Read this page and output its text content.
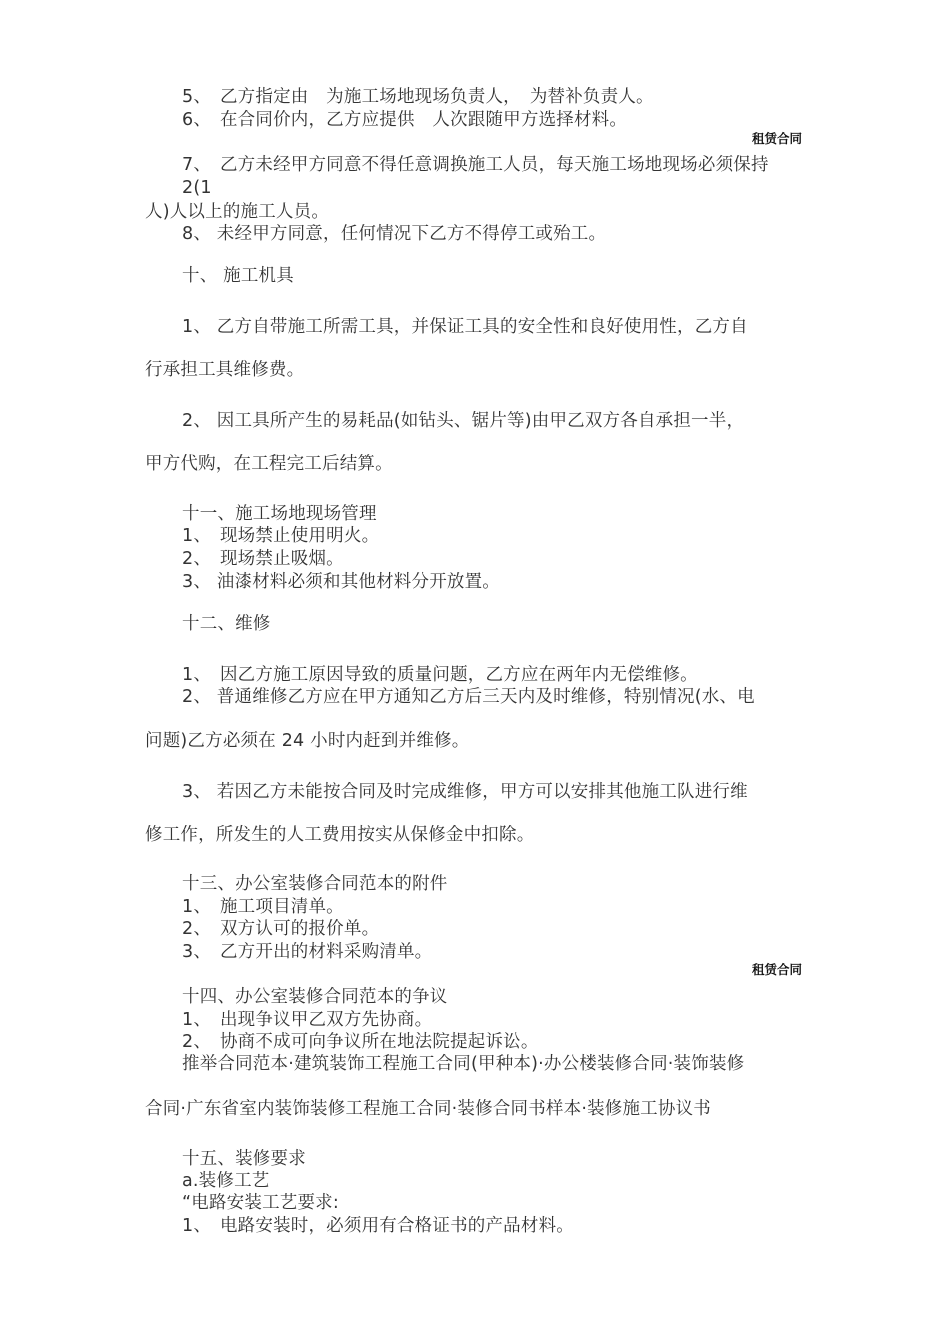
5、　乙方指定由　为施工场地现场负责人，　为替补负责人。
6、　在合同价内，乙方应提供　人次跟随甲方选择材料。
租赁合同
7、　乙方未经甲方同意不得任意调换施工人员，每天施工场地现场必须保持
2(1
人)人以上的施工人员。
8、 未经甲方同意，任何情况下乙方不得停工或殆工。
十、 施工机具
1、 乙方自带施工所需工具，并保证工具的安全性和良好使用性，乙方自
行承担工具维修费。
2、 因工具所产生的易耗品(如钻头、锯片等)由甲乙双方各自承担一半，
甲方代购，在工程完工后结算。
十一、施工场地现场管理
1、　现场禁止使用明火。
2、　现场禁止吸烟。
3、 油漆材料必须和其他材料分开放置。
十二、维修
1、　因乙方施工原因导致的质量问题，乙方应在两年内无偿维修。
2、 普通维修乙方应在甲方通知乙方后三天内及时维修，特别情况(水、电
问题)乙方必须在 24 小时内赶到并维修。
3、 若因乙方未能按合同及时完成维修，甲方可以安排其他施工队进行维
修工作，所发生的人工费用按实从保修金中扣除。
十三、办公室装修合同范本的附件
1、　施工项目清单。
2、　双方认可的报价单。
3、　乙方开出的材料采购清单。
租赁合同
十四、办公室装修合同范本的争议
1、　出现争议甲乙双方先协商。
2、　协商不成可向争议所在地法院提起诉讼。
推举合同范本·建筑装饰工程施工合同(甲种本)·办公楼装修合同·装饰装修
合同·广东省室内装饰装修工程施工合同·装修合同书样本·装修施工协议书
十五、装修要求
a.装修工艺
“电路安装工艺要求:
1、　电路安装时，必须用有合格证书的产品材料。
